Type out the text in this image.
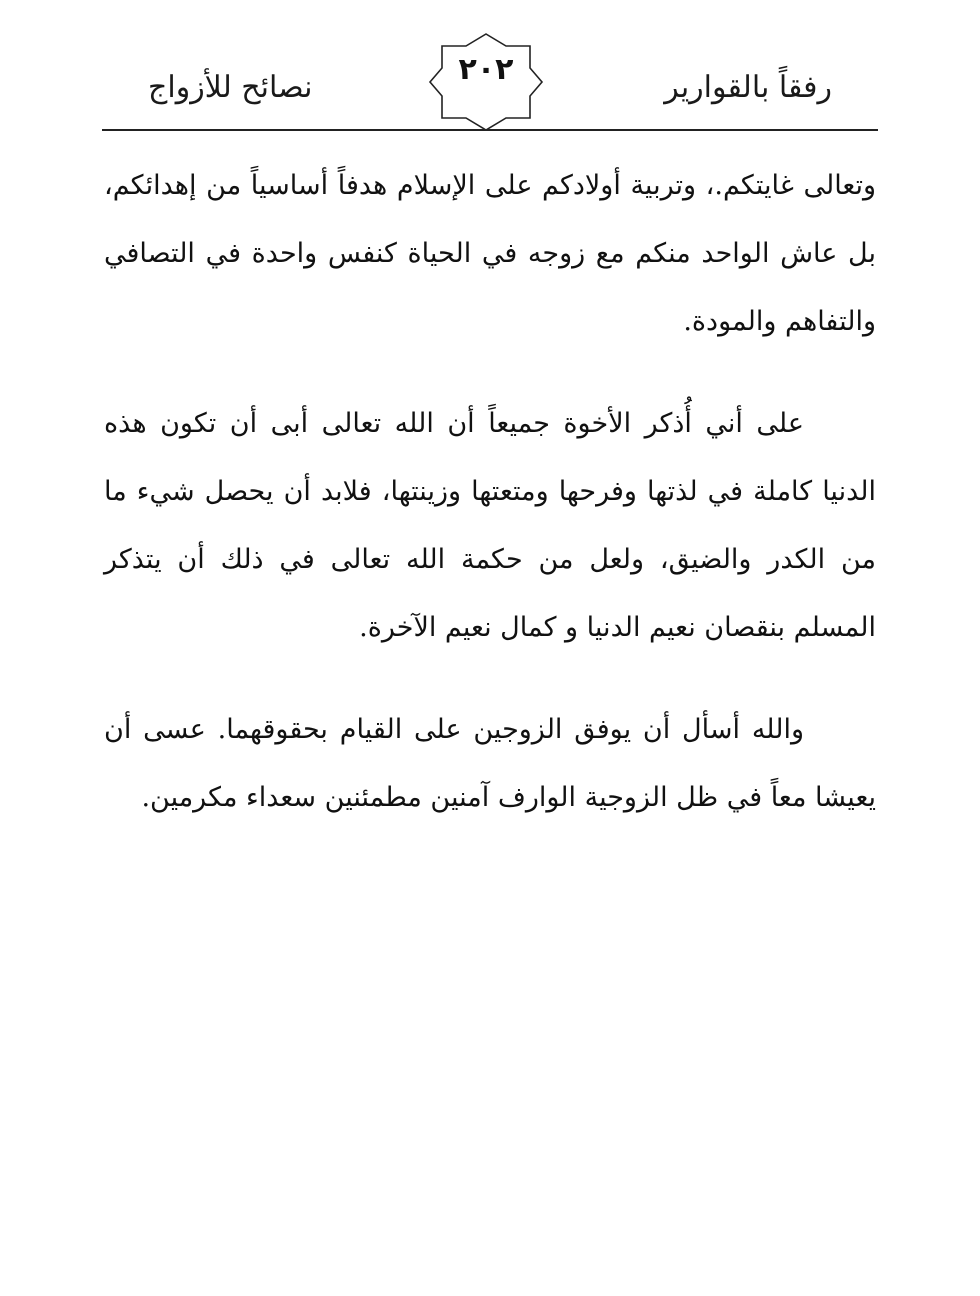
رفقاً بالقوارير
٢٠٢
نصائح للأزواج

وتعالى غايتكم.، وتربية أولادكم على الإسلام هدفاً أساسياً من إهدائكم، بل عاش الواحد منكم مع زوجه في الحياة كنفس واحدة في التصافي والتفاهم والمودة.

على أني أُذكر الأخوة جميعاً أن الله تعالى أبى أن تكون هذه الدنيا كاملة في لذتها وفرحها ومتعتها وزينتها، فلابد أن يحصل شيء ما من الكدر والضيق، ولعل من حكمة الله تعالى في ذلك أن يتذكر المسلم بنقصان نعيم الدنيا و كمال نعيم الآخرة.

والله أسأل أن يوفق الزوجين على القيام بحقوقهما. عسى أن يعيشا معاً في ظل الزوجية الوارف آمنين مطمئنين سعداء مكرمين.
